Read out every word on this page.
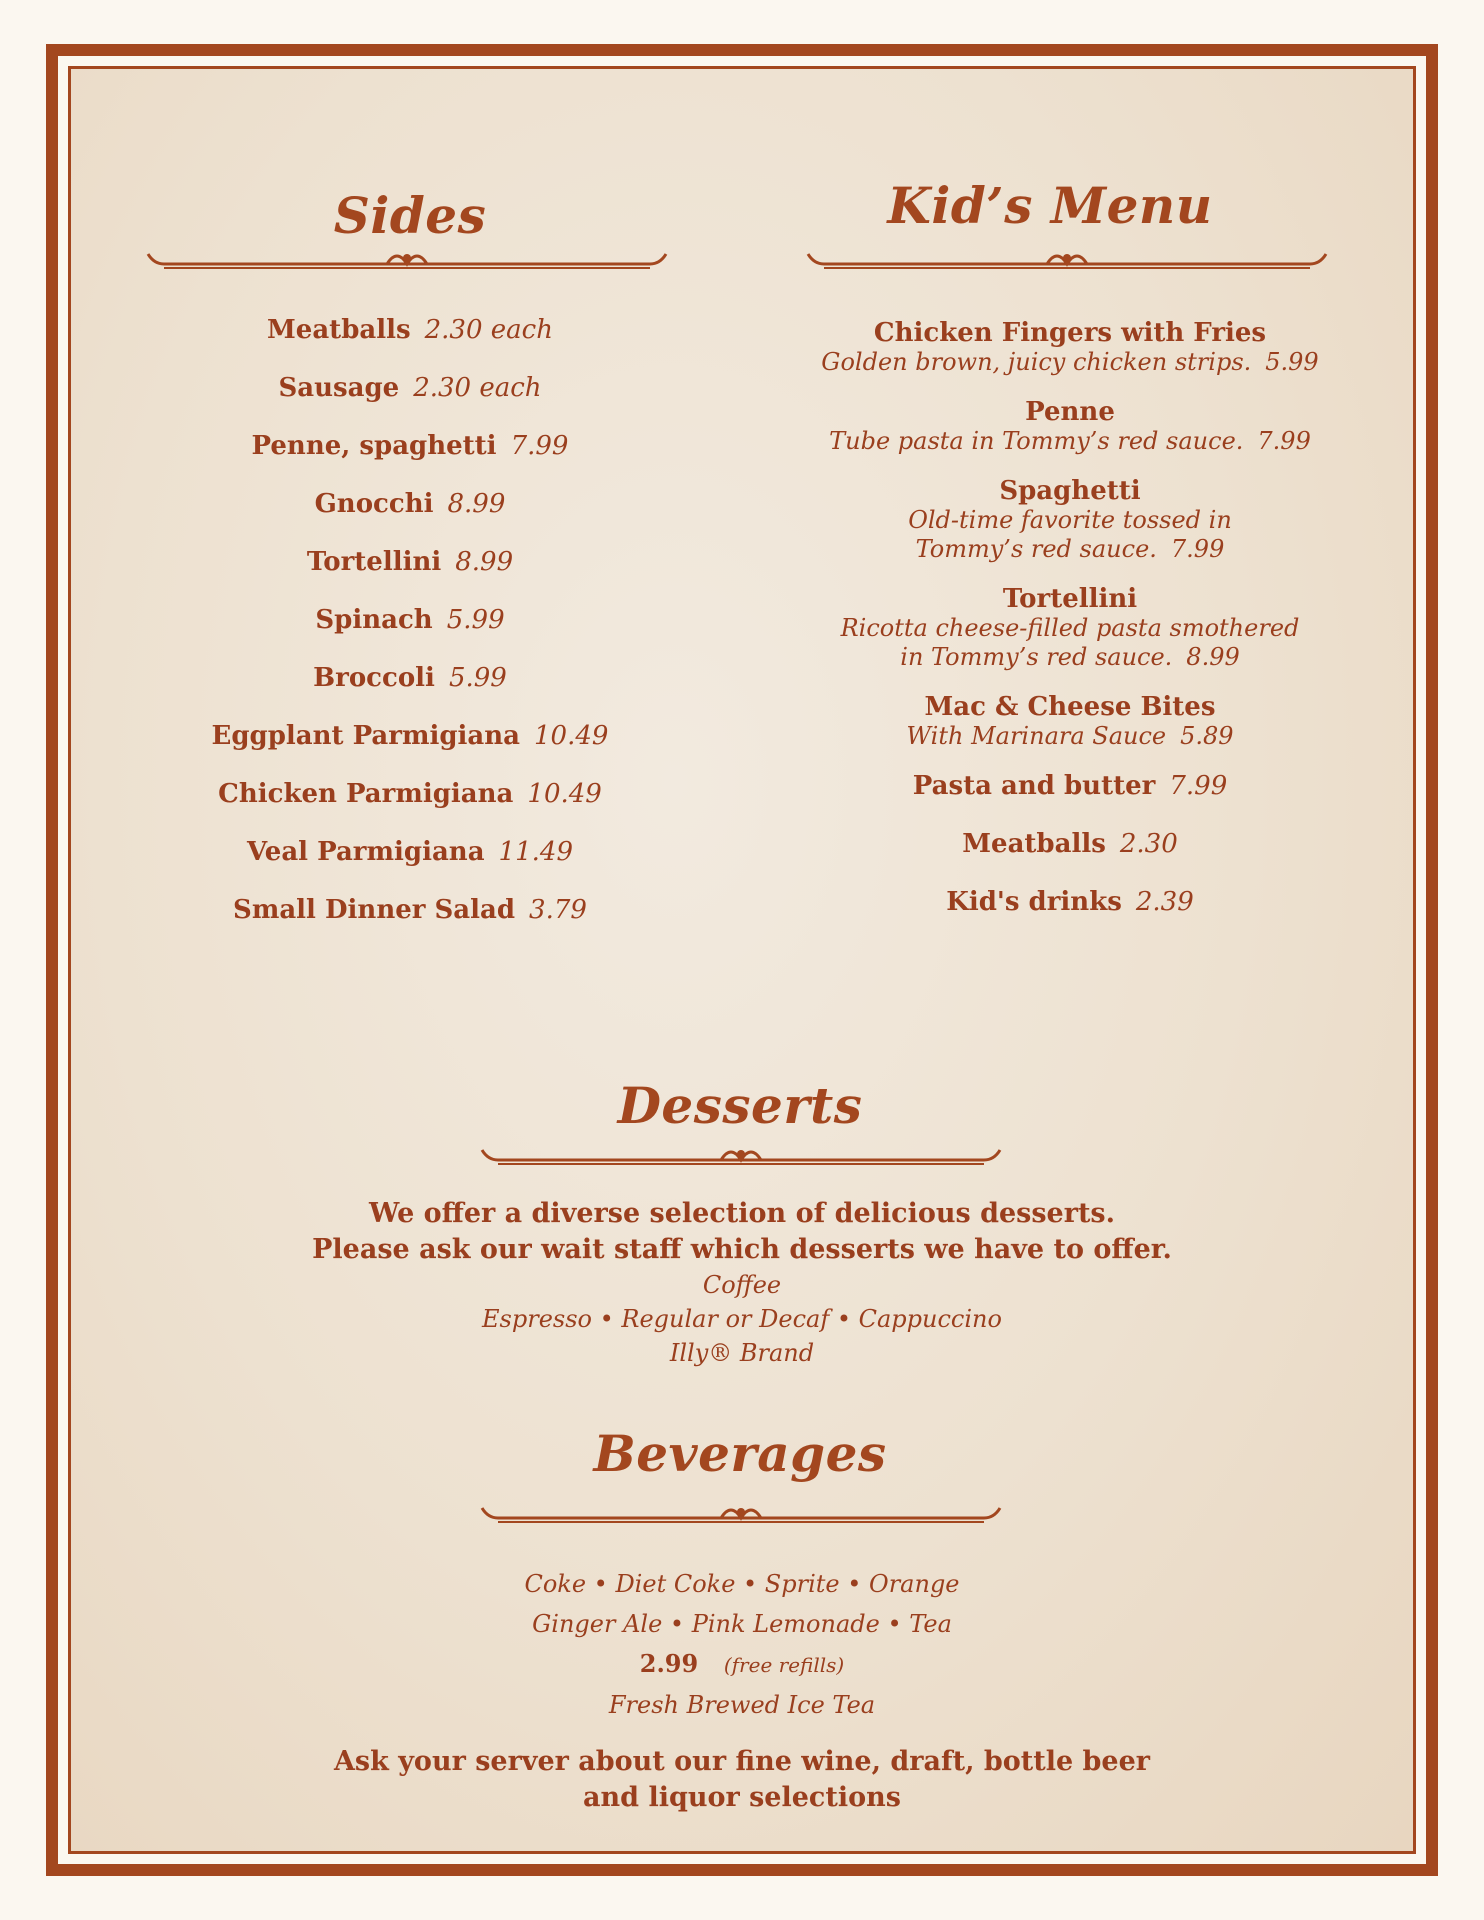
Sides
Meatballs 2.30 each
Sausage 2.30 each
Penne, spaghetti 7.99
Gnocchi 8.99
Tortellini 8.99
Spinach 5.99
Broccoli 5.99
Eggplant Parmigiana 10.49
Chicken Parmigiana 10.49
Veal Parmigiana 11.49
Small Dinner Salad 3.79
Kid’s Menu
Chicken Fingers with Fries
Golden brown, juicy chicken strips. 5.99
Penne
Tube pasta in Tommy’s red sauce. 7.99
Spaghetti
Old-time favorite tossed in
Tommy’s red sauce. 7.99
Tortellini
Ricotta cheese-filled pasta smothered
in Tommy’s red sauce. 8.99
Mac & Cheese Bites
With Marinara Sauce 5.89
Pasta and butter 7.99
Meatballs 2.30
Kid's drinks 2.39
Desserts
We offer a diverse selection of delicious desserts.
Please ask our wait staff which desserts we have to offer.
Coffee
Espresso • Regular or Decaf • Cappuccino
Illy® Brand
Beverages
Coke • Diet Coke • Sprite • Orange
Ginger Ale • Pink Lemonade • Tea
2.99 (free refills)
Fresh Brewed Ice Tea
Ask your server about our fine wine, draft, bottle beer
and liquor selections
